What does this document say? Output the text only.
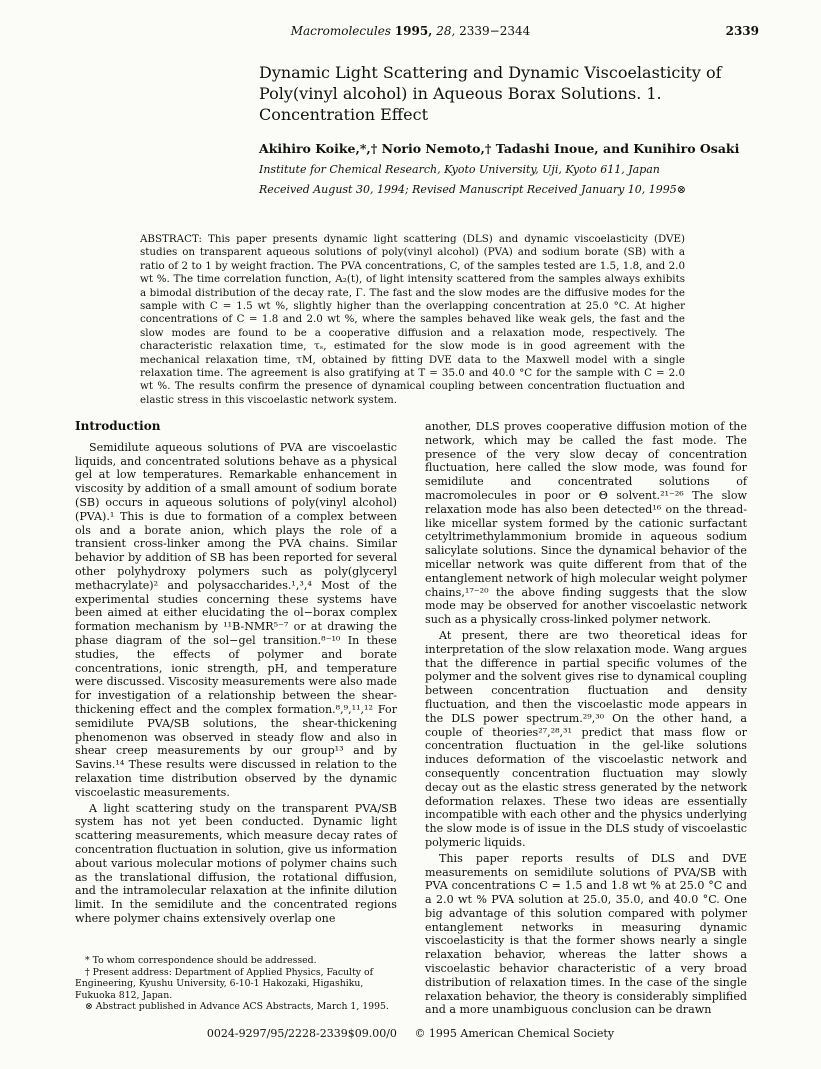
Macromolecules 1995, 28, 2339−2344	2339
Dynamic Light Scattering and Dynamic Viscoelasticity of Poly(vinyl alcohol) in Aqueous Borax Solutions. 1. Concentration Effect
Akihiro Koike,*,† Norio Nemoto,† Tadashi Inoue, and Kunihiro Osaki
Institute for Chemical Research, Kyoto University, Uji, Kyoto 611, Japan
Received August 30, 1994; Revised Manuscript Received January 10, 1995⊗
ABSTRACT: This paper presents dynamic light scattering (DLS) and dynamic viscoelasticity (DVE) studies on transparent aqueous solutions of poly(vinyl alcohol) (PVA) and sodium borate (SB) with a ratio of 2 to 1 by weight fraction. The PVA concentrations, C, of the samples tested are 1.5, 1.8, and 2.0 wt %. The time correlation function, A₂(t), of light intensity scattered from the samples always exhibits a bimodal distribution of the decay rate, Γ. The fast and the slow modes are the diffusive modes for the sample with C = 1.5 wt %, slightly higher than the overlapping concentration at 25.0 °C. At higher concentrations of C = 1.8 and 2.0 wt %, where the samples behaved like weak gels, the fast and the slow modes are found to be a cooperative diffusion and a relaxation mode, respectively. The characteristic relaxation time, τₛ, estimated for the slow mode is in good agreement with the mechanical relaxation time, τM, obtained by fitting DVE data to the Maxwell model with a single relaxation time. The agreement is also gratifying at T = 35.0 and 40.0 °C for the sample with C = 2.0 wt %. The results confirm the presence of dynamical coupling between concentration fluctuation and elastic stress in this viscoelastic network system.
Introduction

Semidilute aqueous solutions of PVA are viscoelastic liquids, and concentrated solutions behave as a physical gel at low temperatures. Remarkable enhancement in viscosity by addition of a small amount of sodium borate (SB) occurs in aqueous solutions of poly(vinyl alcohol) (PVA).¹ This is due to formation of a complex between ols and a borate anion, which plays the role of a transient cross-linker among the PVA chains. Similar behavior by addition of SB has been reported for several other polyhydroxy polymers such as poly(glyceryl methacrylate)² and polysaccharides.¹,³,⁴ Most of the experimental studies concerning these systems have been aimed at either elucidating the ol−borax complex formation mechanism by ¹¹B-NMR⁵⁻⁷ or at drawing the phase diagram of the sol−gel transition.⁸⁻¹⁰ In these studies, the effects of polymer and borate concentrations, ionic strength, pH, and temperature were discussed. Viscosity measurements were also made for investigation of a relationship between the shear-thickening effect and the complex formation.⁸,⁹,¹¹,¹² For semidilute PVA/SB solutions, the shear-thickening phenomenon was observed in steady flow and also in shear creep measurements by our group¹³ and by Savins.¹⁴ These results were discussed in relation to the relaxation time distribution observed by the dynamic viscoelastic measurements.

A light scattering study on the transparent PVA/SB system has not yet been conducted. Dynamic light scattering measurements, which measure decay rates of concentration fluctuation in solution, give us information about various molecular motions of polymer chains such as the translational diffusion, the rotational diffusion, and the intramolecular relaxation at the infinite dilution limit. In the semidilute and the concentrated regions where polymer chains extensively overlap one

another, DLS proves cooperative diffusion motion of the network, which may be called the fast mode. The presence of the very slow decay of concentration fluctuation, here called the slow mode, was found for semidilute and concentrated solutions of macromolecules in poor or Θ solvent.²¹⁻²⁶ The slow relaxation mode has also been detected¹⁶ on the thread-like micellar system formed by the cationic surfactant cetyltrimethylammonium bromide in aqueous sodium salicylate solutions. Since the dynamical behavior of the micellar network was quite different from that of the entanglement network of high molecular weight polymer chains,¹⁷⁻²⁰ the above finding suggests that the slow mode may be observed for another viscoelastic network such as a physically cross-linked polymer network.

At present, there are two theoretical ideas for interpretation of the slow relaxation mode. Wang argues that the difference in partial specific volumes of the polymer and the solvent gives rise to dynamical coupling between concentration fluctuation and density fluctuation, and then the viscoelastic mode appears in the DLS power spectrum.²⁹,³⁰ On the other hand, a couple of theories²⁷,²⁸,³¹ predict that mass flow or concentration fluctuation in the gel-like solutions induces deformation of the viscoelastic network and consequently concentration fluctuation may slowly decay out as the elastic stress generated by the network deformation relaxes. These two ideas are essentially incompatible with each other and the physics underlying the slow mode is of issue in the DLS study of viscoelastic polymeric liquids.

This paper reports results of DLS and DVE measurements on semidilute solutions of PVA/SB with PVA concentrations C = 1.5 and 1.8 wt % at 25.0 °C and a 2.0 wt % PVA solution at 25.0, 35.0, and 40.0 °C. One big advantage of this solution compared with polymer entanglement networks in measuring dynamic viscoelasticity is that the former shows nearly a single relaxation behavior, whereas the latter shows a viscoelastic behavior characteristic of a very broad distribution of relaxation times. In the case of the single relaxation behavior, the theory is considerably simplified and a more unambiguous conclusion can be drawn

* To whom correspondence should be addressed.
† Present address: Department of Applied Physics, Faculty of Engineering, Kyushu University, 6-10-1 Hakozaki, Higashiku, Fukuoka 812, Japan.
⊗ Abstract published in Advance ACS Abstracts, March 1, 1995.
0024-9297/95/2228-2339$09.00/0 © 1995 American Chemical Society
